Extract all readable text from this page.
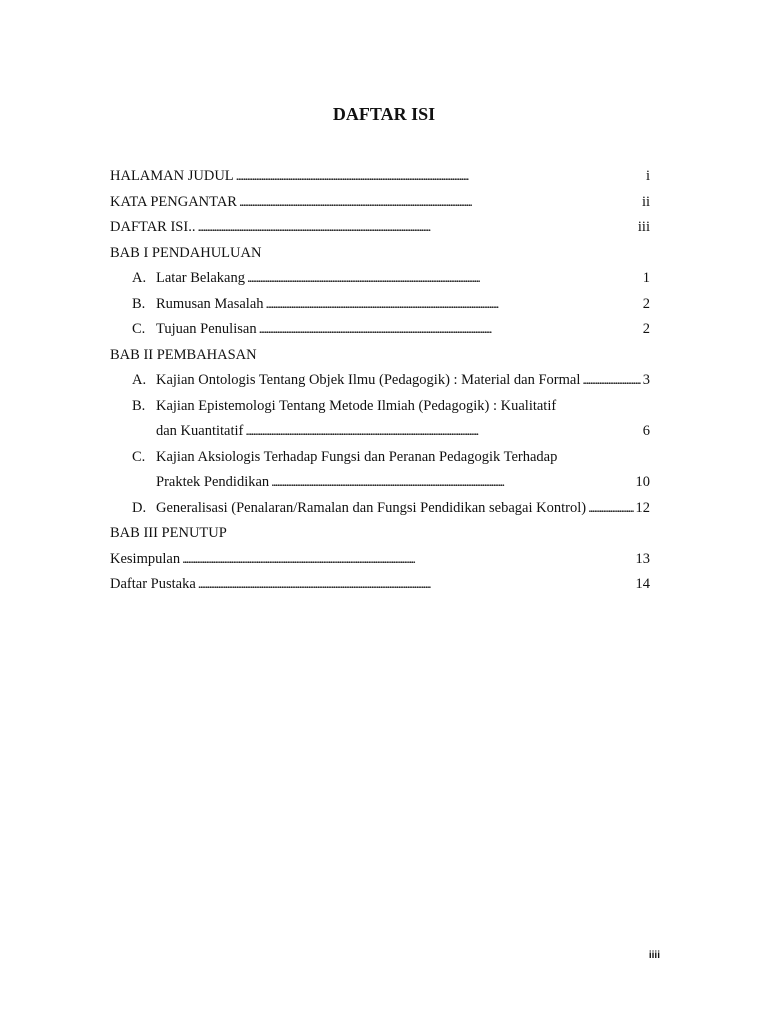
DAFTAR ISI
HALAMAN JUDUL . . .	i
KATA PENGANTAR . . .	ii
DAFTAR ISI.. . . .	iii
BAB I PENDAHULUAN
A. Latar Belakang . . .	1
B. Rumusan Masalah . . .	2
C. Tujuan Penulisan . . .	2
BAB II PEMBAHASAN
A. Kajian Ontologis Tentang Objek Ilmu (Pedagogik) : Material dan Formal . . .	3
B. Kajian Epistemologi Tentang Metode Ilmiah (Pedagogik) : Kualitatif
dan Kuantitatif . . .	6
C. Kajian Aksiologis Terhadap Fungsi dan Peranan Pedagogik Terhadap
Praktek Pendidikan . . .	10
D. Generalisasi (Penalaran/Ramalan dan Fungsi Pendidikan sebagai Kontrol) . . .	12
BAB III PENUTUP
Kesimpulan . . .	13
Daftar Pustaka . . .	14
iiii
